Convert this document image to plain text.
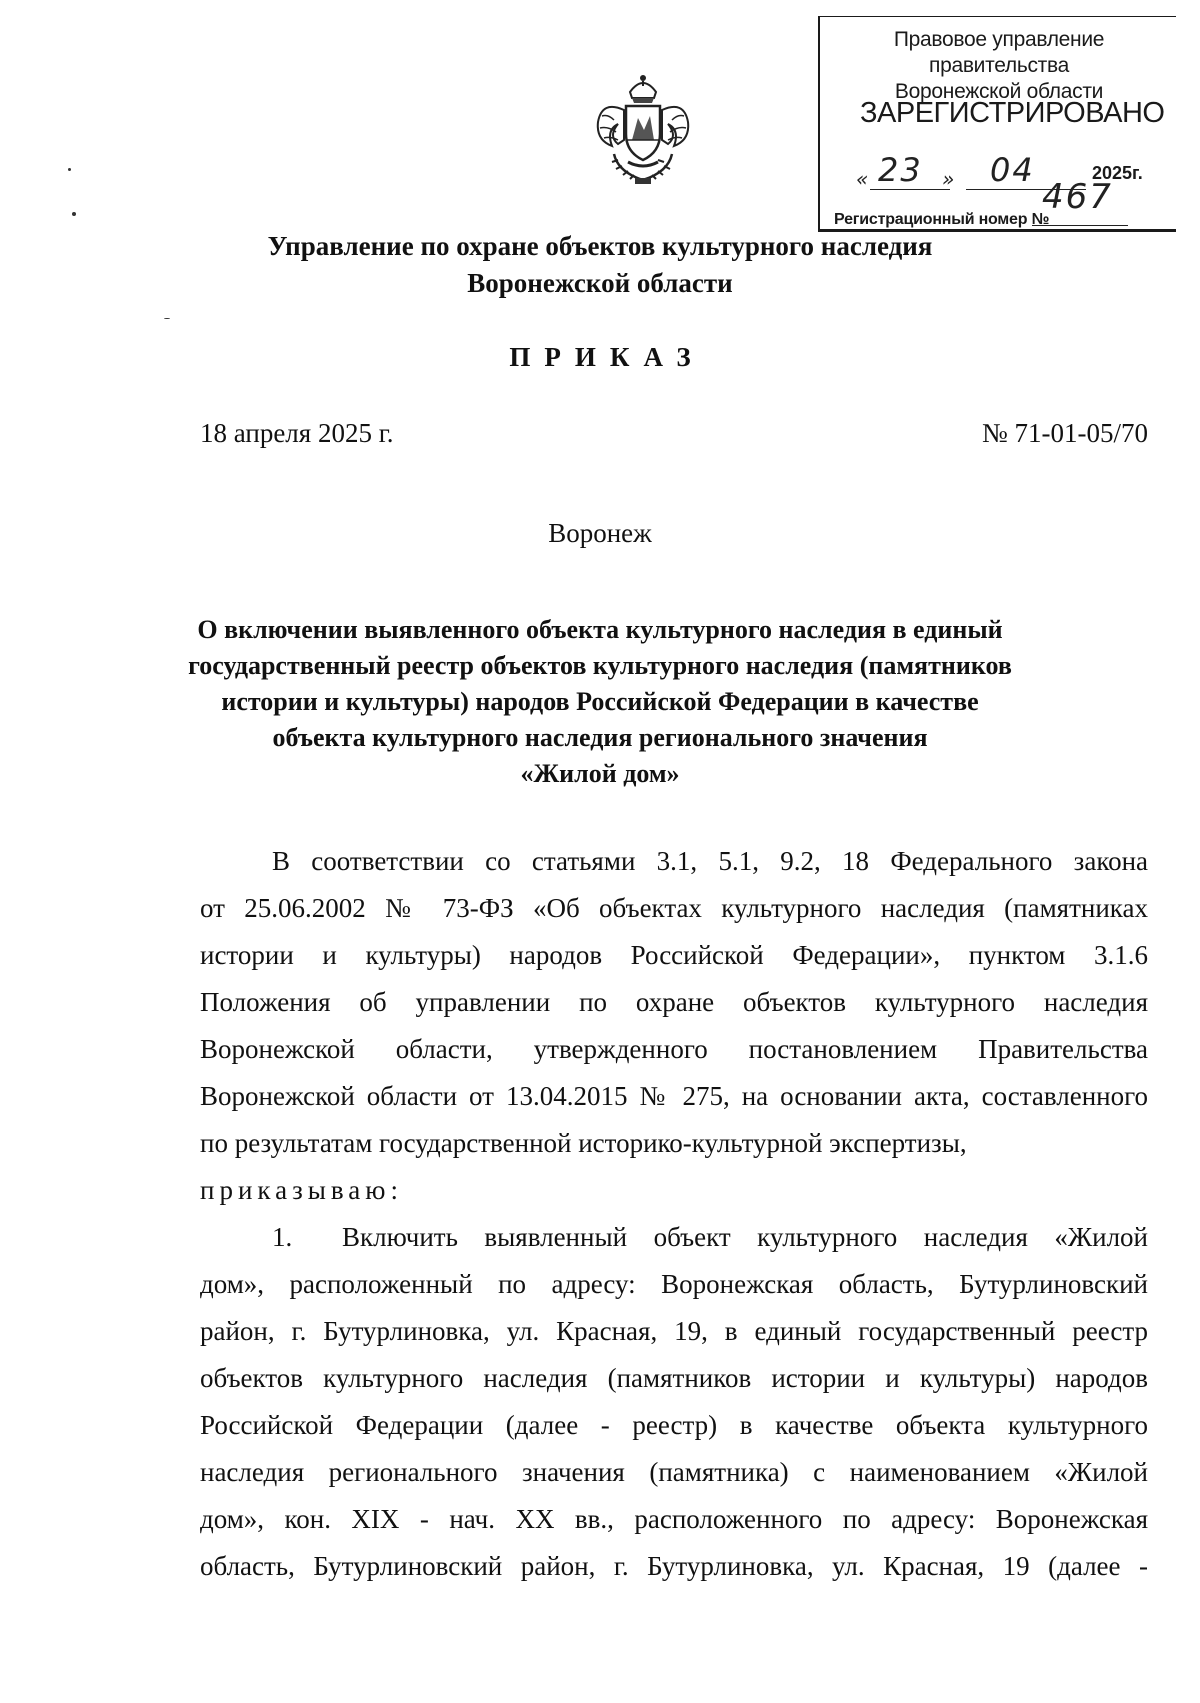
Правовое управление правительства
Воронежской области
ЗАРЕГИСТРИРОВАНО
« 23 » 04	2025г.
Регистрационный номер №
467
Управление по охране объектов культурного наследия
Воронежской области
ПРИКАЗ
18 апреля 2025 г.	№ 71-01-05/70
Воронеж
О включении выявленного объекта культурного наследия в единый
государственный реестр объектов культурного наследия (памятников
истории и культуры) народов Российской Федерации в качестве
объекта культурного наследия регионального значения
«Жилой дом»
В соответствии со статьями 3.1, 5.1, 9.2, 18 Федерального закона
от 25.06.2002 № 73-ФЗ «Об объектах культурного наследия (памятниках
истории и культуры) народов Российской Федерации», пунктом 3.1.6
Положения об управлении по охране объектов культурного наследия
Воронежской области, утвержденного постановлением Правительства
Воронежской области от 13.04.2015 № 275, на основании акта, составленного
по результатам государственной историко-культурной экспертизы,
приказываю:
1.	Включить выявленный объект культурного наследия «Жилой
дом», расположенный по адресу: Воронежская область, Бутурлиновский
район, г. Бутурлиновка, ул. Красная, 19, в единый государственный реестр
объектов культурного наследия (памятников истории и культуры) народов
Российской Федерации (далее - реестр) в качестве объекта культурного
наследия регионального значения (памятника) с наименованием «Жилой
дом», кон. XIX - нач. XX вв., расположенного по адресу: Воронежская
область, Бутурлиновский район, г. Бутурлиновка, ул. Красная, 19 (далее -
